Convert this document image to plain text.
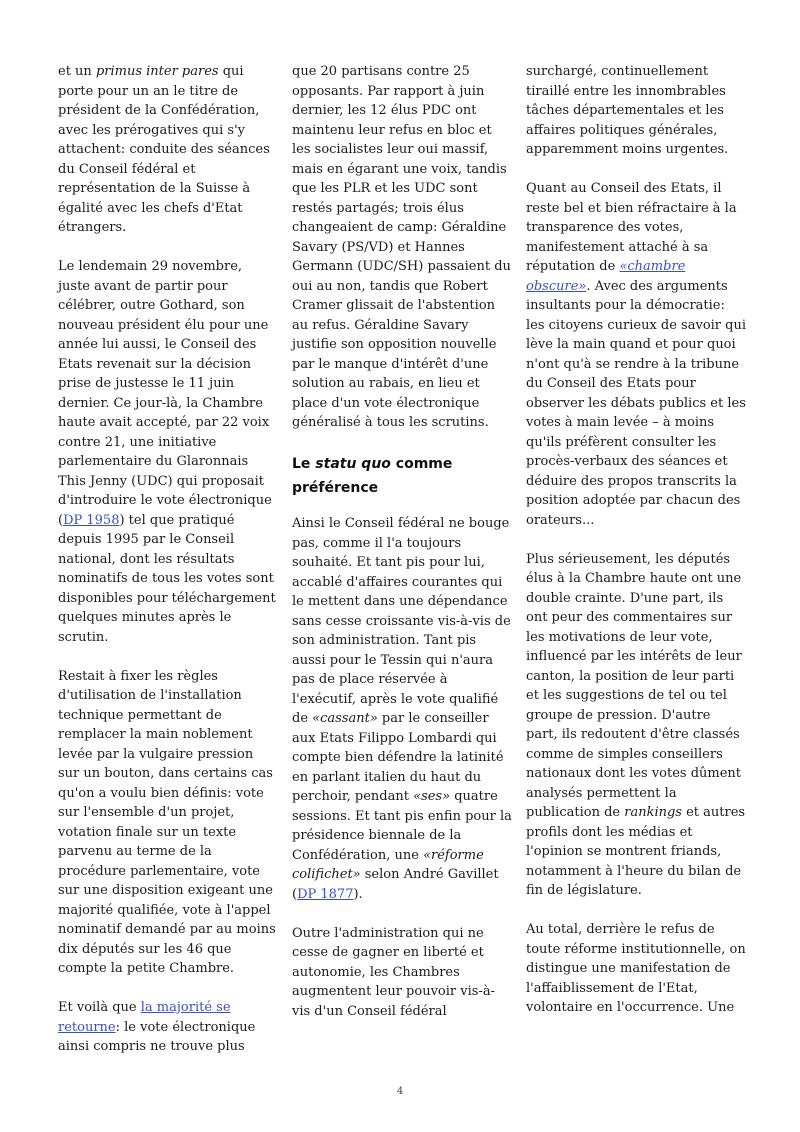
et un primus inter pares qui porte pour un an le titre de président de la Confédération, avec les prérogatives qui s'y attachent: conduite des séances du Conseil fédéral et représentation de la Suisse à égalité avec les chefs d'Etat étrangers.

Le lendemain 29 novembre, juste avant de partir pour célébrer, outre Gothard, son nouveau président élu pour une année lui aussi, le Conseil des Etats revenait sur la décision prise de justesse le 11 juin dernier. Ce jour-là, la Chambre haute avait accepté, par 22 voix contre 21, une initiative parlementaire du Glaronnais This Jenny (UDC) qui proposait d'introduire le vote électronique (DP 1958) tel que pratiqué depuis 1995 par le Conseil national, dont les résultats nominatifs de tous les votes sont disponibles pour téléchargement quelques minutes après le scrutin.

Restait à fixer les règles d'utilisation de l'installation technique permettant de remplacer la main noblement levée par la vulgaire pression sur un bouton, dans certains cas qu'on a voulu bien définis: vote sur l'ensemble d'un projet, votation finale sur un texte parvenu au terme de la procédure parlementaire, vote sur une disposition exigeant une majorité qualifiée, vote à l'appel nominatif demandé par au moins dix députés sur les 46 que compte la petite Chambre.

Et voilà que la majorité se retourne: le vote électronique ainsi compris ne trouve plus

que 20 partisans contre 25 opposants. Par rapport à juin dernier, les 12 élus PDC ont maintenu leur refus en bloc et les socialistes leur oui massif, mais en égarant une voix, tandis que les PLR et les UDC sont restés partagés; trois élus changeaient de camp: Géraldine Savary (PS/VD) et Hannes Germann (UDC/SH) passaient du oui au non, tandis que Robert Cramer glissait de l'abstention au refus. Géraldine Savary justifie son opposition nouvelle par le manque d'intérêt d'une solution au rabais, en lieu et place d'un vote électronique généralisé à tous les scrutins.

Le statu quo comme préférence

Ainsi le Conseil fédéral ne bouge pas, comme il l'a toujours souhaité. Et tant pis pour lui, accablé d'affaires courantes qui le mettent dans une dépendance sans cesse croissante vis-à-vis de son administration. Tant pis aussi pour le Tessin qui n'aura pas de place réservée à l'exécutif, après le vote qualifié de «cassant» par le conseiller aux Etats Filippo Lombardi qui compte bien défendre la latinité en parlant italien du haut du perchoir, pendant «ses» quatre sessions. Et tant pis enfin pour la présidence biennale de la Confédération, une «réforme colifichet» selon André Gavillet (DP 1877).

Outre l'administration qui ne cesse de gagner en liberté et autonomie, les Chambres augmentent leur pouvoir vis-à-vis d'un Conseil fédéral

surchargé, continuellement tiraillé entre les innombrables tâches départementales et les affaires politiques générales, apparemment moins urgentes.

Quant au Conseil des Etats, il reste bel et bien réfractaire à la transparence des votes, manifestement attaché à sa réputation de «chambre obscure». Avec des arguments insultants pour la démocratie: les citoyens curieux de savoir qui lève la main quand et pour quoi n'ont qu'à se rendre à la tribune du Conseil des Etats pour observer les débats publics et les votes à main levée – à moins qu'ils préfèrent consulter les procès-verbaux des séances et déduire des propos transcrits la position adoptée par chacun des orateurs...

Plus sérieusement, les députés élus à la Chambre haute ont une double crainte. D'une part, ils ont peur des commentaires sur les motivations de leur vote, influencé par les intérêts de leur canton, la position de leur parti et les suggestions de tel ou tel groupe de pression. D'autre part, ils redoutent d'être classés comme de simples conseillers nationaux dont les votes dûment analysés permettent la publication de rankings et autres profils dont les médias et l'opinion se montrent friands, notamment à l'heure du bilan de fin de législature.

Au total, derrière le refus de toute réforme institutionnelle, on distingue une manifestation de l'affaiblissement de l'Etat, volontaire en l'occurrence. Une

4
